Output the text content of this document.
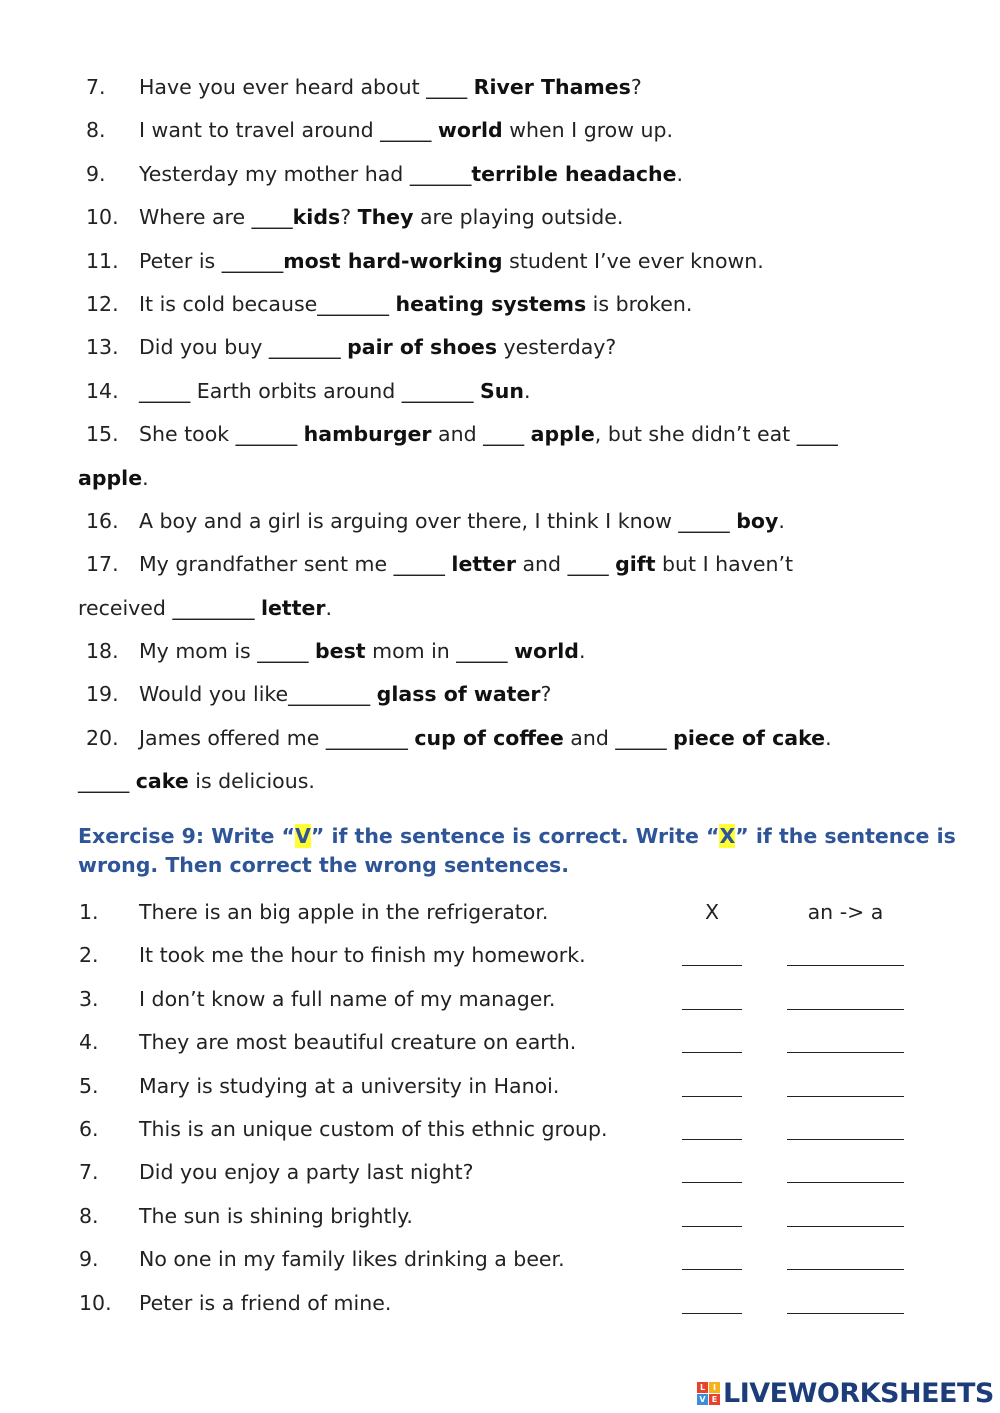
7. Have you ever heard about ____ River Thames?
8. I want to travel around _____ world when I grow up.
9. Yesterday my mother had ______terrible headache.
10. Where are ____kids? They are playing outside.
11. Peter is ______most hard-working student I’ve ever known.
12. It is cold because_______ heating systems is broken.
13. Did you buy _______ pair of shoes yesterday?
14. _____ Earth orbits around _______ Sun.
15. She took ______ hamburger and ____ apple, but she didn’t eat ____
apple.
16. A boy and a girl is arguing over there, I think I know _____ boy.
17. My grandfather sent me _____ letter and ____ gift but I haven’t
received ________ letter.
18. My mom is _____ best mom in _____ world.
19. Would you like________ glass of water?
20. James offered me ________ cup of coffee and _____ piece of cake.
_____ cake is delicious.
Exercise 9: Write “V” if the sentence is correct. Write “X” if the sentence is wrong. Then correct the wrong sentences.
1. There is an big apple in the refrigerator.	X	an -> a
2. It took me the hour to finish my homework.
3. I don’t know a full name of my manager.
4. They are most beautiful creature on earth.
5. Mary is studying at a university in Hanoi.
6. This is an unique custom of this ethnic group.
7. Did you enjoy a party last night?
8. The sun is shining brightly.
9. No one in my family likes drinking a beer.
10. Peter is a friend of mine.
L I
V E LIVEWORKSHEETS
